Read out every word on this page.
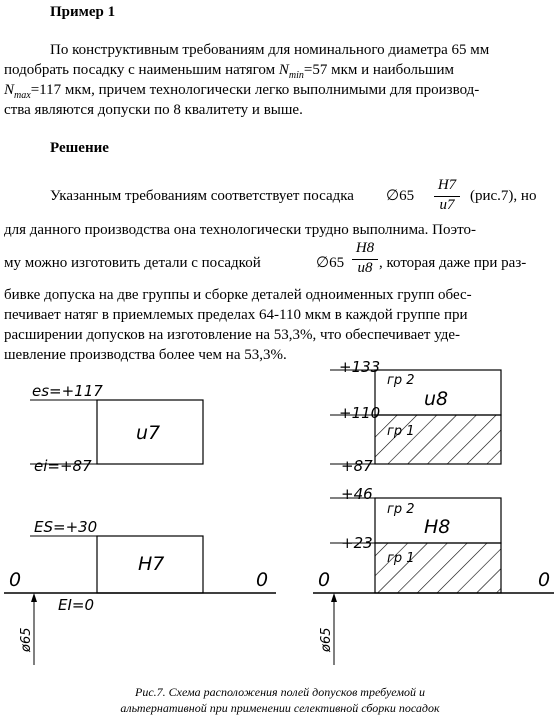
Пример 1
По конструктивным требованиям для номинального диаметра 65 мм
подобрать посадку с наименьшим натягом $N_{min}=57$ мкм и наибольшим
$N_{max}=117$ мкм, причем технологически легко выполнимыми для производ-
ства являются допуски по 8 квалитету и выше.
Решение
Указанным требованиям соответствует посадка ∅65
H7
u7
(рис.7), но
для данного производства она технологически трудно выполнима. Поэто-
му можно изготовить детали с посадкой	∅65
H8
u8 , которая даже при раз-
бивке допуска на две группы и сборке деталей одноименных групп обес-
печивает натяг в приемлемых пределах 64-110 мкм в каждой группе при
расширении допусков на изготовление на 53,3%, что обеспечивает уде-
шевление производства более чем на 53,3%.
es=+117
ei=+87
u7
ES=+30
H7
0	0
EI=0
ø65
+133
+110
+87
гр 2
гр 1
u8
+46
+23
гр 2
гр 1
H8
0	0
ø65
Рис.7. Схема расположения полей допусков требуемой и
альтернативной при применении селективной сборки посадок
